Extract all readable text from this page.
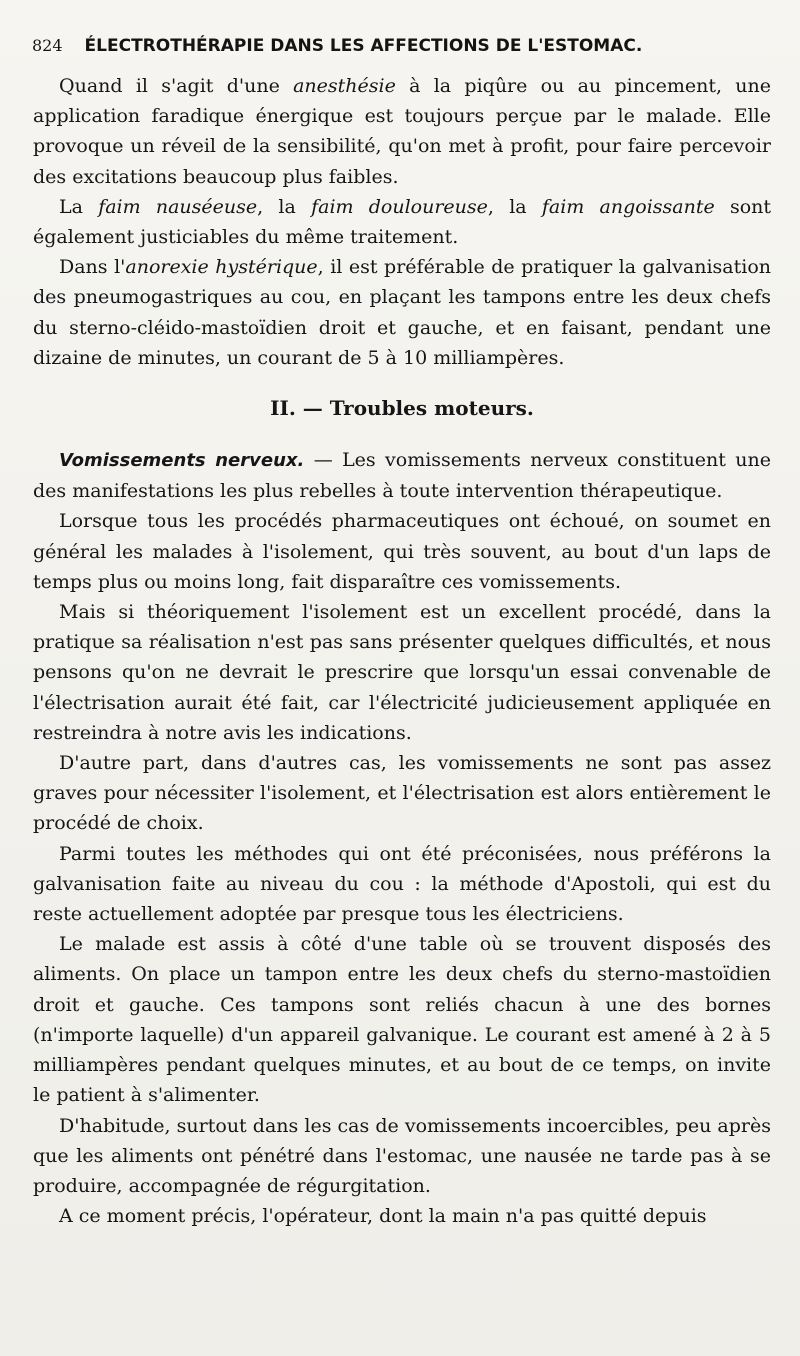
824 ÉLECTROTHÉRAPIE DANS LES AFFECTIONS DE L'ESTOMAC.

Quand il s'agit d'une anesthésie à la piqûre ou au pincement, une application faradique énergique est toujours perçue par le malade. Elle provoque un réveil de la sensibilité, qu'on met à profit, pour faire percevoir des excitations beaucoup plus faibles.

La faim nauséeuse, la faim douloureuse, la faim angoissante sont également justiciables du même traitement.

Dans l'anorexie hystérique, il est préférable de pratiquer la galvanisation des pneumogastriques au cou, en plaçant les tampons entre les deux chefs du sterno-cléido-mastoïdien droit et gauche, et en faisant, pendant une dizaine de minutes, un courant de 5 à 10 milliampères.

II. — Troubles moteurs.

Vomissements nerveux. — Les vomissements nerveux constituent une des manifestations les plus rebelles à toute intervention thérapeutique.

Lorsque tous les procédés pharmaceutiques ont échoué, on soumet en général les malades à l'isolement, qui très souvent, au bout d'un laps de temps plus ou moins long, fait disparaître ces vomissements.

Mais si théoriquement l'isolement est un excellent procédé, dans la pratique sa réalisation n'est pas sans présenter quelques difficultés, et nous pensons qu'on ne devrait le prescrire que lorsqu'un essai convenable de l'électrisation aurait été fait, car l'électricité judicieusement appliquée en restreindra à notre avis les indications.

D'autre part, dans d'autres cas, les vomissements ne sont pas assez graves pour nécessiter l'isolement, et l'électrisation est alors entièrement le procédé de choix.

Parmi toutes les méthodes qui ont été préconisées, nous préférons la galvanisation faite au niveau du cou : la méthode d'Apostoli, qui est du reste actuellement adoptée par presque tous les électriciens.

Le malade est assis à côté d'une table où se trouvent disposés des aliments. On place un tampon entre les deux chefs du sterno-mastoïdien droit et gauche. Ces tampons sont reliés chacun à une des bornes (n'importe laquelle) d'un appareil galvanique. Le courant est amené à 2 à 5 milliampères pendant quelques minutes, et au bout de ce temps, on invite le patient à s'alimenter.

D'habitude, surtout dans les cas de vomissements incoercibles, peu après que les aliments ont pénétré dans l'estomac, une nausée ne tarde pas à se produire, accompagnée de régurgitation.

A ce moment précis, l'opérateur, dont la main n'a pas quitté depuis
